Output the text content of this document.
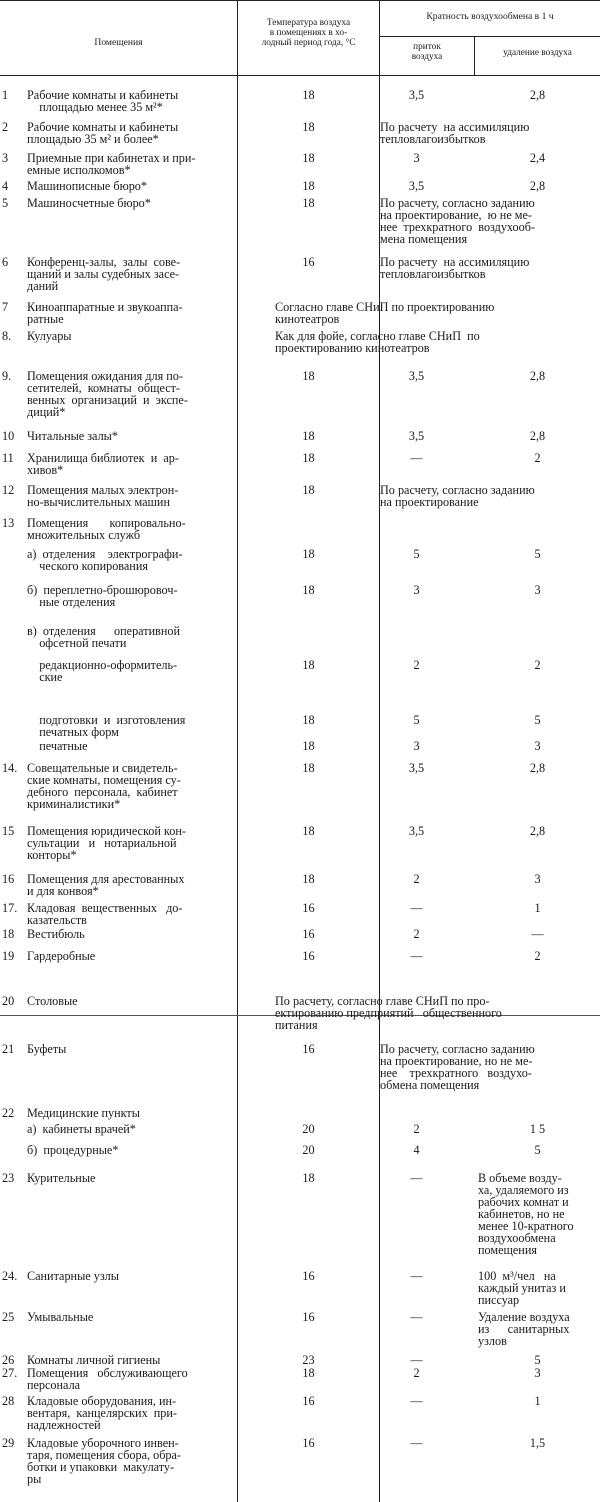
Помещения
Температура воздуха
в помещениях в хо-
лодный период года, °С
Кратность воздухообмена в 1 ч
приток
воздуха	удаление воздуха
1	Рабочие комнаты и кабинеты
площадью менее 35 м²*
18	3,5	2,8
2	Рабочие комнаты и кабинеты
площадью 35 м² и более*
18	По расчету  на ассимиляцию
тепловлагоизбытков
3	Приемные при кабинетах и при-
емные исполкомов*
18	3	2,4
4	Машинописные бюро*	18	3,5	2,8
5	Машиносчетные бюро*	18	По расчету, согласно заданию
на проектирование,  ю не ме-
нее  трехкратного  воздухооб-
мена помещения
6	Конференц-залы,  залы  сове-
щаний и залы судебных засе-
даний
16	По расчету  на ассимиляцию
тепловлагоизбытков
7	Киноаппаратные и звукоаппа-
ратные
Согласно главе СНиП по проектированию
кинотеатров
8.	Кулуары	Как для фойе, согласно главе СНиП  по
проектированию кинотеатров
9.	Помещения ожидания для по-
сетителей,  комнаты  общест-
венных  организаций  и  экспе-
диций*
18	3,5	2,8
10	Читальные залы*	18	3,5	2,8
11	Хранилища библиотек  и  ар-
хивов*
18	—	2
12	Помещения малых электрон-
но-вычислительных машин
18	По расчету, согласно заданию
на проектирование
13	Помещения       копировально-
множительных служб
а)  отделения    электрографи-
ческого копирования
18	5	5
б)  переплетно-брошюровоч-
ные отделения
18	3	3
в)  отделения      оперативной
офсетной печати
редакционно-оформитель-
ские
18	2	2
подготовки  и  изготовления
печатных форм
18	5	5
печатные	18	3	3
14. Совещательные и свидетель-
ские комнаты, помещения су-
дебного  персонала,  кабинет
криминалистики*
18	3,5	2,8
15	Помещения юридической кон-
сультации   и   нотариальной
конторы*
18	3,5	2,8
16	Помещения для арестованных
и для конвоя*
18	2	3
17. Кладовая  вещественных   до-
казательств
16	—	1
18	Вестибюль	16	2	—
19	Гардеробные	16	—	2
20	Столовые	По расчету, согласно главе СНиП по про-
ектированию предприятий   общественного
питания
21	Буфеты	16	По расчету, согласно заданию
на проектирование, но не ме-
нее    трехкратного   воздухо-
обмена помещения
22	Медицинские пункты
а)  кабинеты врачей*	20	2	1 5
б)  процедурные*	20	4	5
23	Курительные	18	—	В объеме возду-
ха, удаляемого из
рабочих комнат и
кабинетов, но не
менее 10-кратного
воздухообмена
помещения
24. Санитарные узлы	16	—	100  м³/чел   на
каждый унитаз и
писсуар
25	Умывальные	16	—	Удаление воздуха
из      санитарных
узлов
26	Комнаты личной гигиены	23	—	5
27. Помещения   обслуживающего
персонала
18	2	3
28	Кладовые оборудования, ин-
вентаря,  канцелярских  при-
надлежностей
16	—	1
29	Кладовые уборочного инвен-
таря, помещения сбора, обра-
ботки и упаковки  макулату-
ры
16	—	1,5
